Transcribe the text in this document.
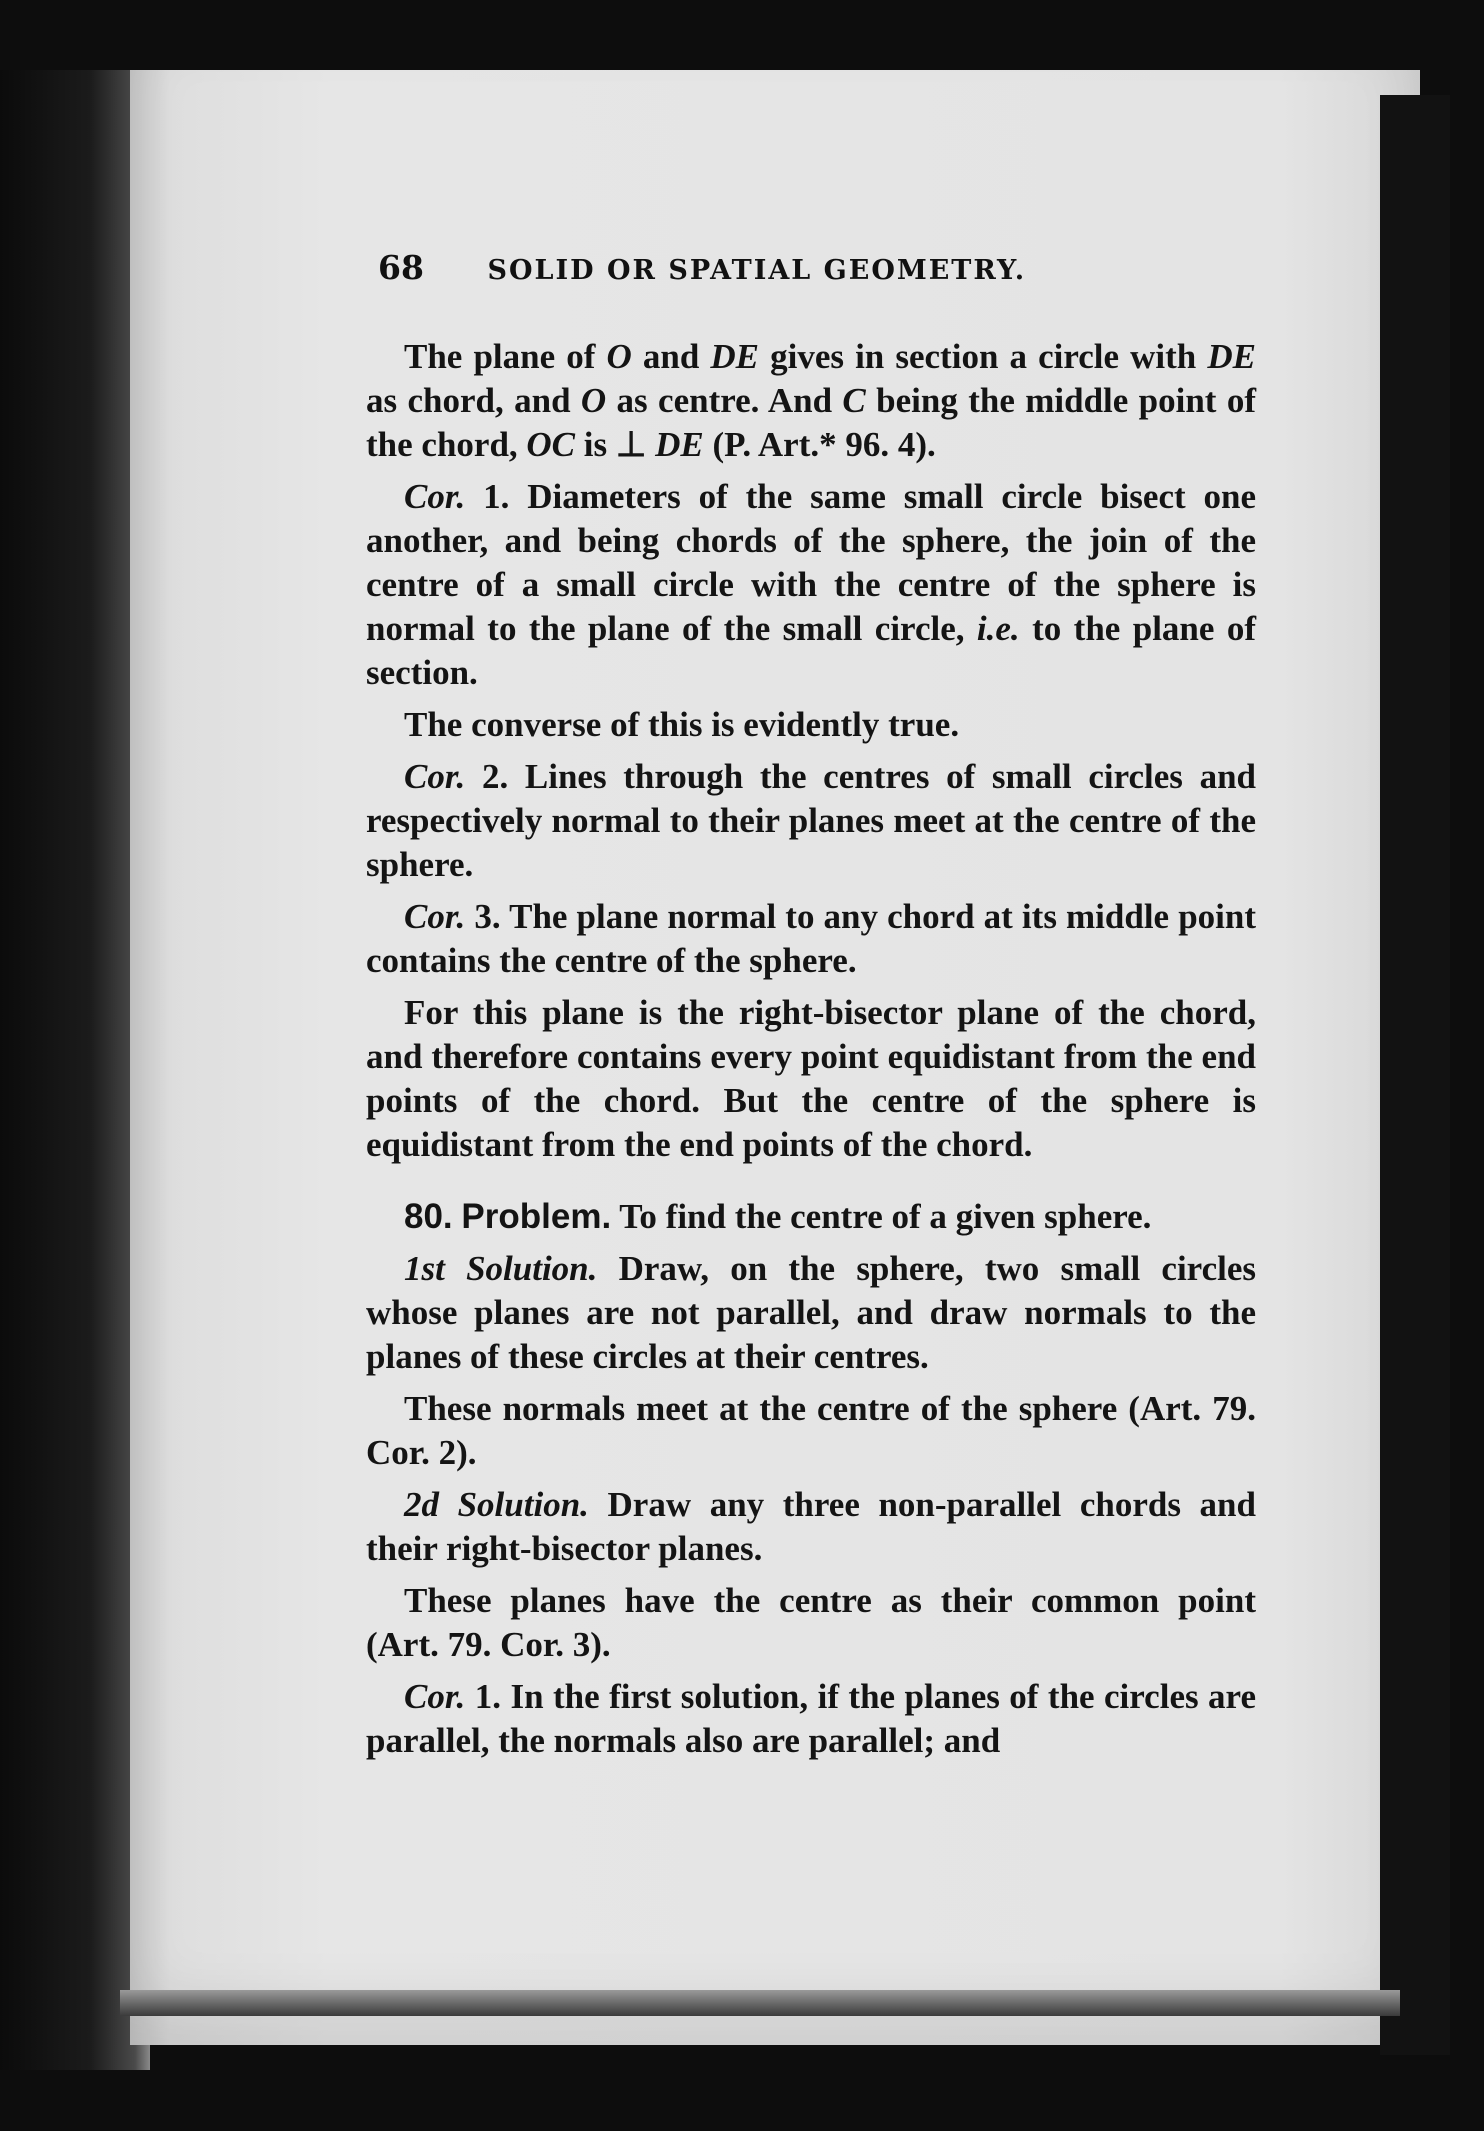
68 SOLID OR SPATIAL GEOMETRY.

The plane of O and DE gives in section a circle with DE as chord, and O as centre. And C being the middle point of the chord, OC is ⊥ DE (P. Art.* 96. 4).

Cor. 1. Diameters of the same small circle bisect one another, and being chords of the sphere, the join of the centre of a small circle with the centre of the sphere is normal to the plane of the small circle, i.e. to the plane of section.

The converse of this is evidently true.

Cor. 2. Lines through the centres of small circles and respectively normal to their planes meet at the centre of the sphere.

Cor. 3. The plane normal to any chord at its middle point contains the centre of the sphere.

For this plane is the right-bisector plane of the chord, and therefore contains every point equidistant from the end points of the chord. But the centre of the sphere is equidistant from the end points of the chord.

80. Problem. To find the centre of a given sphere.

1st Solution. Draw, on the sphere, two small circles whose planes are not parallel, and draw normals to the planes of these circles at their centres.

These normals meet at the centre of the sphere (Art. 79. Cor. 2).

2d Solution. Draw any three non-parallel chords and their right-bisector planes.

These planes have the centre as their common point (Art. 79. Cor. 3).

Cor. 1. In the first solution, if the planes of the circles are parallel, the normals also are parallel; and
